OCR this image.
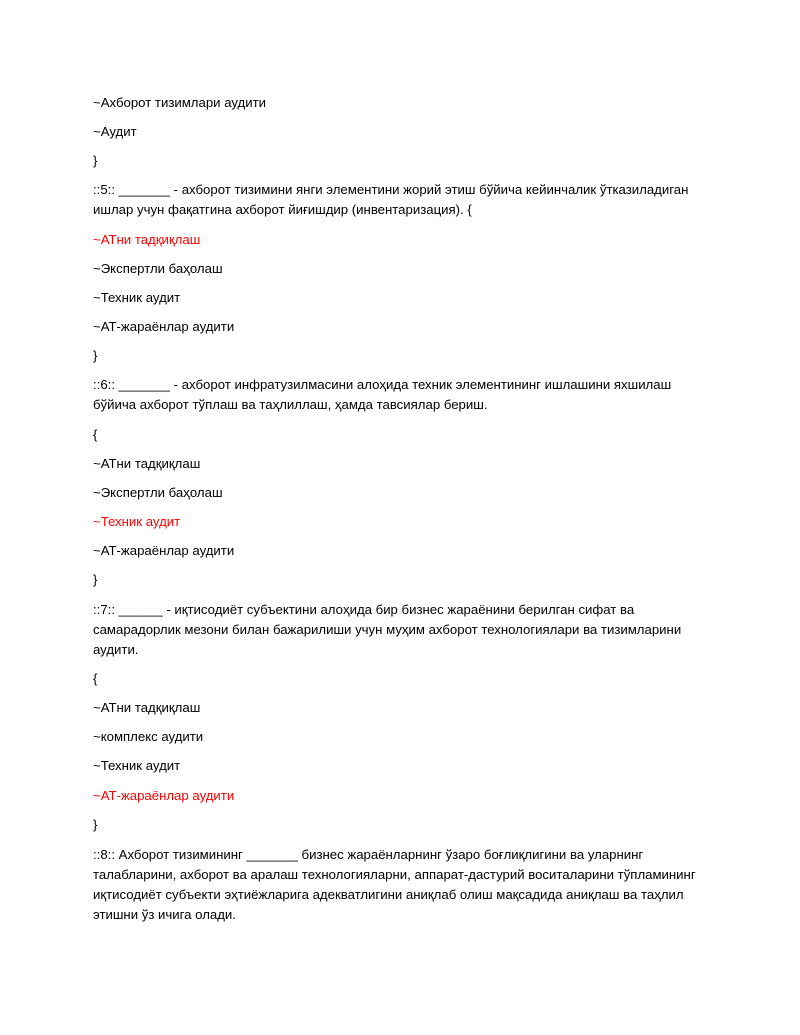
~Ахборот тизимлари аудити
~Аудит
}
::5:: _______ - ахборот тизимини янги элементини жорий этиш бўйича кейинчалик ўтказиладиган ишлар учун фақатгина ахборот йиғишдир (инвентаризация). {
~АТни тадқиқлаш
~Экспертли баҳолаш
~Техник аудит
~АТ-жараёнлар аудити
}
::6:: _______ - ахборот инфратузилмасини алоҳида техник элементининг ишлашини яхшилаш бўйича ахборот тўплаш ва таҳлиллаш, ҳамда тавсиялар бериш.
{
~АТни тадқиқлаш
~Экспертли баҳолаш
~Техник аудит
~АТ-жараёнлар аудити
}
::7:: ______ - иқтисодиёт субъектини алоҳида бир бизнес жараёнини берилган сифат ва самарадорлик мезони билан бажарилиши учун муҳим ахборот технологиялари ва тизимларини аудити.
{
~АТни тадқиқлаш
~комплекс аудити
~Техник аудит
~АТ-жараёнлар аудити
}
::8:: Ахборот тизимининг _______ бизнес жараёнларнинг ўзаро боғлиқлигини ва уларнинг талабларини, ахборот ва аралаш технологияларни, аппарат-дастурий воситаларини тўпламининг иқтисодиёт субъекти эҳтиёжларига адекватлигини аниқлаб олиш мақсадида аниқлаш ва таҳлил этишни ўз ичига олади.
